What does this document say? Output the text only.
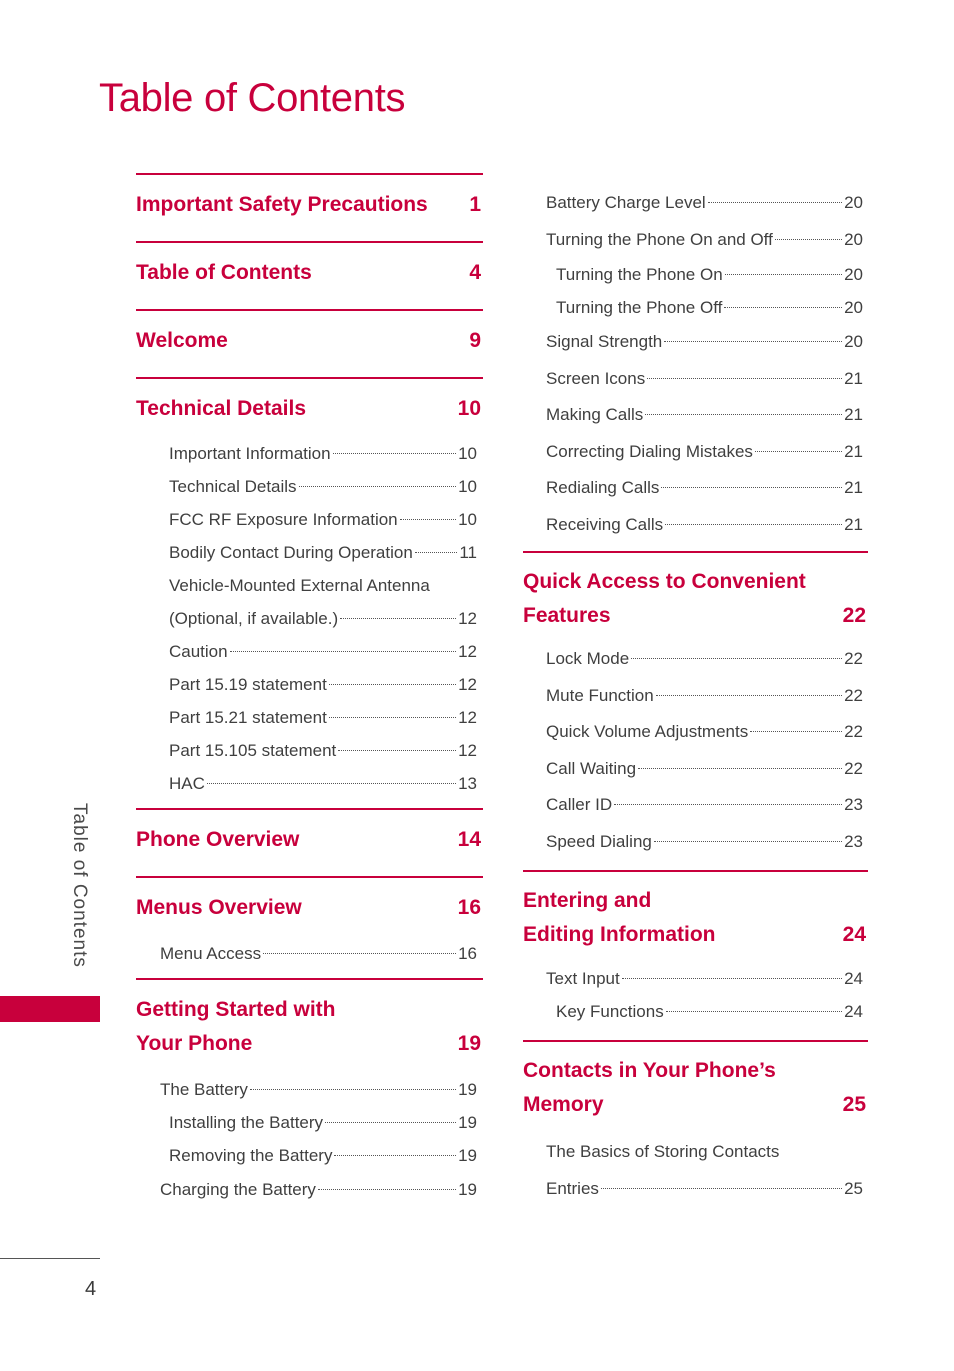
Table of Contents
Important Safety Precautions	1
Table of Contents	4
Welcome	9
Technical Details	10
Important Information	10
Technical Details	10
FCC RF Exposure Information	10
Bodily Contact During Operation	11
Vehicle-Mounted External Antenna
(Optional, if available.)	12
Caution	12
Part 15.19 statement	12
Part 15.21 statement	12
Part 15.105 statement	12
HAC	13
Phone Overview	14
Menus Overview	16
Menu Access	16
Getting Started with
Your Phone	19
The Battery	19
Installing the Battery	19
Removing the Battery	19
Charging the Battery	19
Battery Charge Level	20
Turning the Phone On and Off	20
Turning the Phone On	20
Turning the Phone Off	20
Signal Strength	20
Screen Icons	21
Making Calls	21
Correcting Dialing Mistakes	21
Redialing Calls	21
Receiving Calls	21
Quick Access to Convenient
Features	22
Lock Mode	22
Mute Function	22
Quick Volume Adjustments	22
Call Waiting	22
Caller ID	23
Speed Dialing	23
Entering and
Editing Information	24
Text Input	24
Key Functions	24
Contacts in Your Phone’s
Memory	25
The Basics of Storing Contacts
Entries	25
Table of Contents
4
